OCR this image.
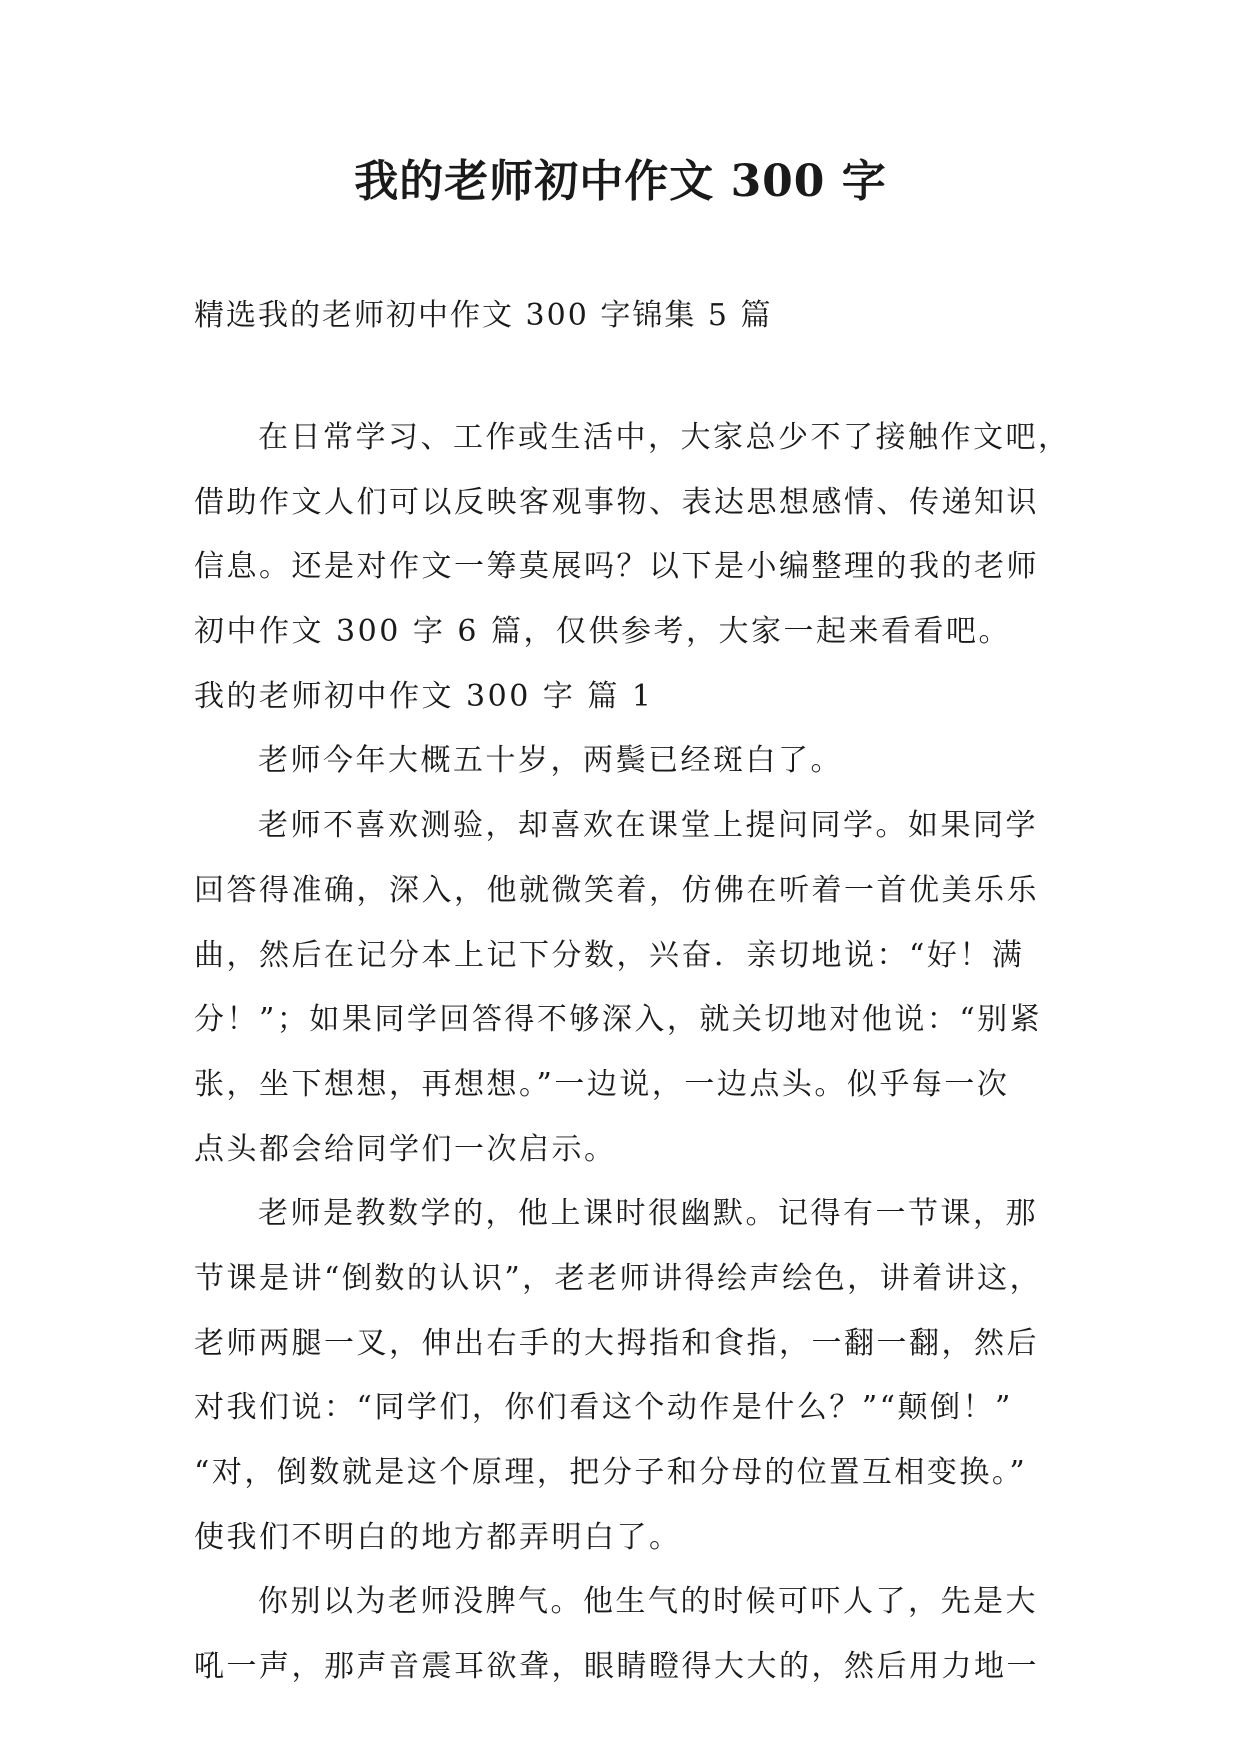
我的老师初中作文 300 字

精选我的老师初中作文 300 字锦集 5 篇

在日常学习、工作或生活中，大家总少不了接触作文吧，

借助作文人们可以反映客观事物、表达思想感情、传递知识

信息。还是对作文一筹莫展吗？以下是小编整理的我的老师

初中作文 300 字 6 篇，仅供参考，大家一起来看看吧。

我的老师初中作文 300 字 篇 1

老师今年大概五十岁，两鬓已经斑白了。

老师不喜欢测验，却喜欢在课堂上提问同学。如果同学

回答得准确，深入，他就微笑着，仿佛在听着一首优美乐乐

曲，然后在记分本上记下分数，兴奋．亲切地说：“好！满

分！”；如果同学回答得不够深入，就关切地对他说：“别紧

张，坐下想想，再想想。”一边说，一边点头。似乎每一次

点头都会给同学们一次启示。

老师是教数学的，他上课时很幽默。记得有一节课，那

节课是讲“倒数的认识”，老老师讲得绘声绘色，讲着讲这，

老师两腿一叉，伸出右手的大拇指和食指，一翻一翻，然后

对我们说：“同学们，你们看这个动作是什么？”“颠倒！”

“对，倒数就是这个原理，把分子和分母的位置互相变换。”

使我们不明白的地方都弄明白了。

你别以为老师没脾气。他生气的时候可吓人了，先是大

吼一声，那声音震耳欲聋，眼睛瞪得大大的，然后用力地一
